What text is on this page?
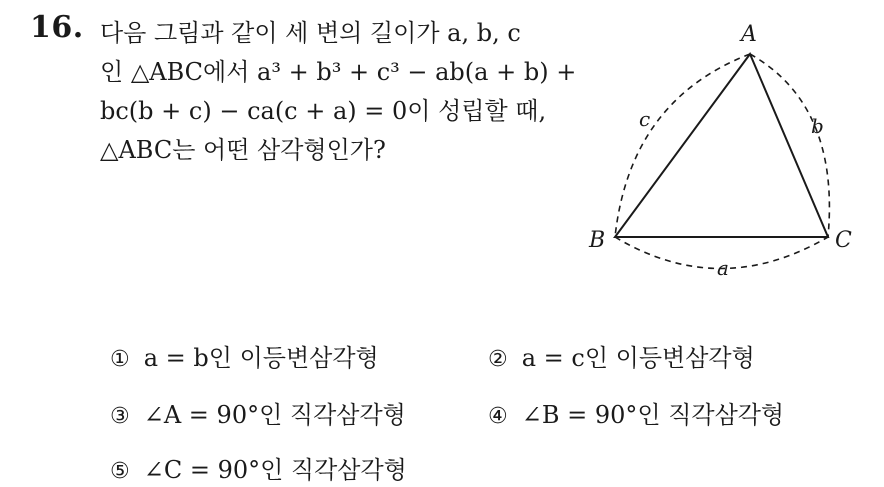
16. 다음 그림과 같이 세 변의 길이가 a, b, c
인 △ABC에서 a³ + b³ + c³ − ab(a + b) +
bc(b + c) − ca(c + a) = 0이 성립할 때,
△ABC는 어떤 삼각형인가?
A
B	C
c	b
a
① a = b인 이등변삼각형	② a = c인 이등변삼각형
③ ∠A = 90°인 직각삼각형	④ ∠B = 90°인 직각삼각형
⑤ ∠C = 90°인 직각삼각형
